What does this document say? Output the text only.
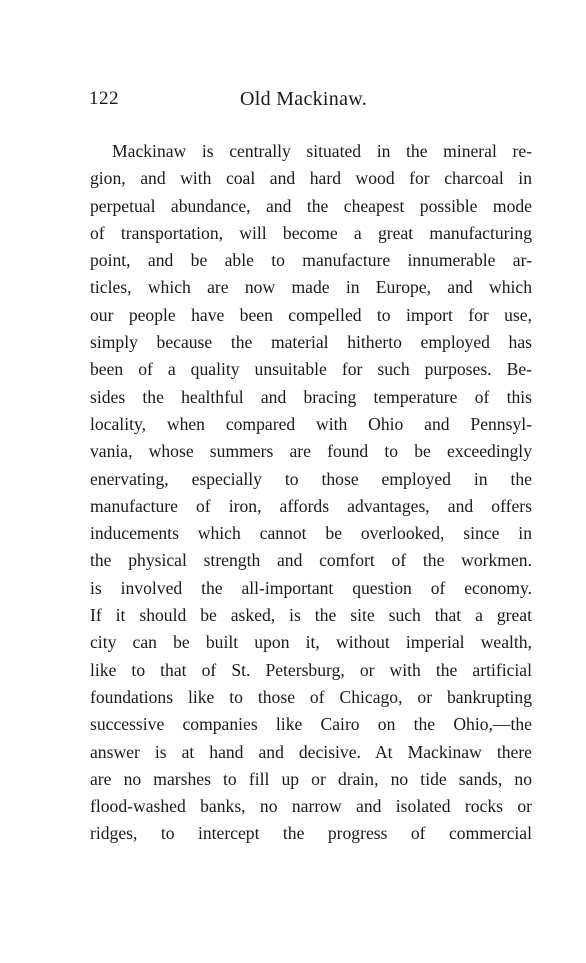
122	Old Mackinaw.
Mackinaw is centrally situated in the mineral re-
gion, and with coal and hard wood for charcoal in
perpetual abundance, and the cheapest possible mode
of transportation, will become a great manufacturing
point, and be able to manufacture innumerable ar-
ticles, which are now made in Europe, and which
our people have been compelled to import for use,
simply because the material hitherto employed has
been of a quality unsuitable for such purposes. Be-
sides the healthful and bracing temperature of this
locality, when compared with Ohio and Pennsyl-
vania, whose summers are found to be exceedingly
enervating, especially to those employed in the
manufacture of iron, affords advantages, and offers
inducements which cannot be overlooked, since in
the physical strength and comfort of the workmen.
is involved the all-important question of economy.
If it should be asked, is the site such that a great
city can be built upon it, without imperial wealth,
like to that of St. Petersburg, or with the artificial
foundations like to those of Chicago, or bankrupting
successive companies like Cairo on the Ohio,—the
answer is at hand and decisive. At Mackinaw there
are no marshes to fill up or drain, no tide sands, no
flood-washed banks, no narrow and isolated rocks or
ridges, to intercept the progress of commercial
